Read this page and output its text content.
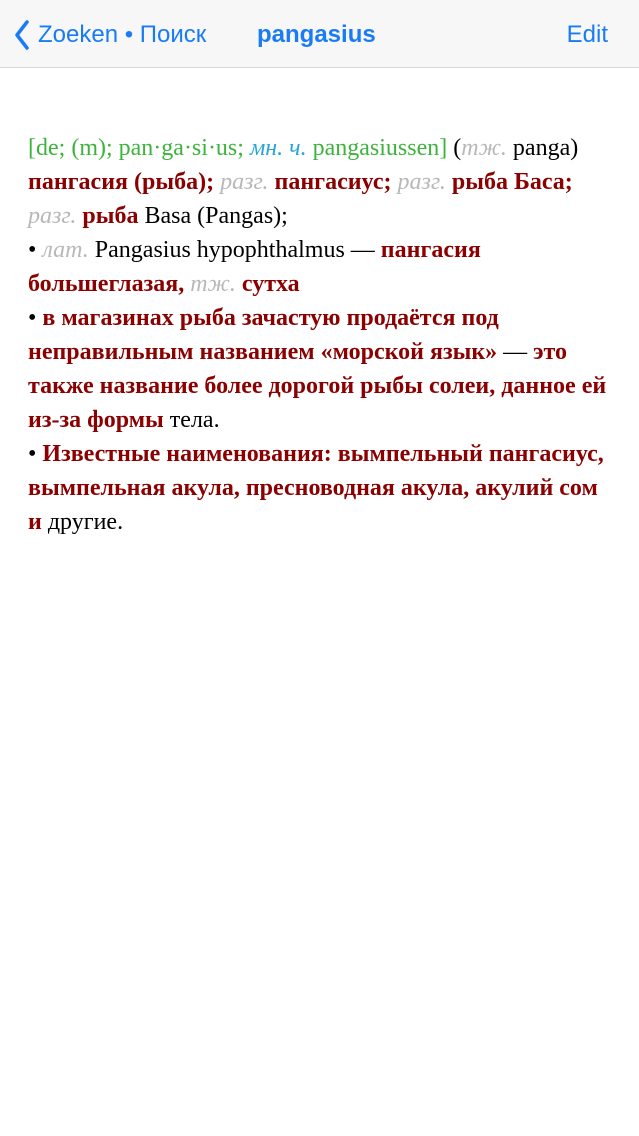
Zoeken • Поиск pangasius	Edit

[de; (m); pan·ga·si·us; мн. ч. pangasiussen] (тж. panga)

пангасия (рыба); разг. пангасиус; разг. рыба Баса; разг. рыба Basa (Pangas);

• лат. Pangasius hypophthalmus — пангасия большеглазая, тж. сутха

• в магазинах рыба зачастую продаётся под неправильным названием «морской язык» — это также название более дорогой рыбы солеи, данное ей из-за формы тела.

• Известные наименования: вымпельный пангасиус, вымпельная акула, пресноводная акула, акулий сом и другие.
